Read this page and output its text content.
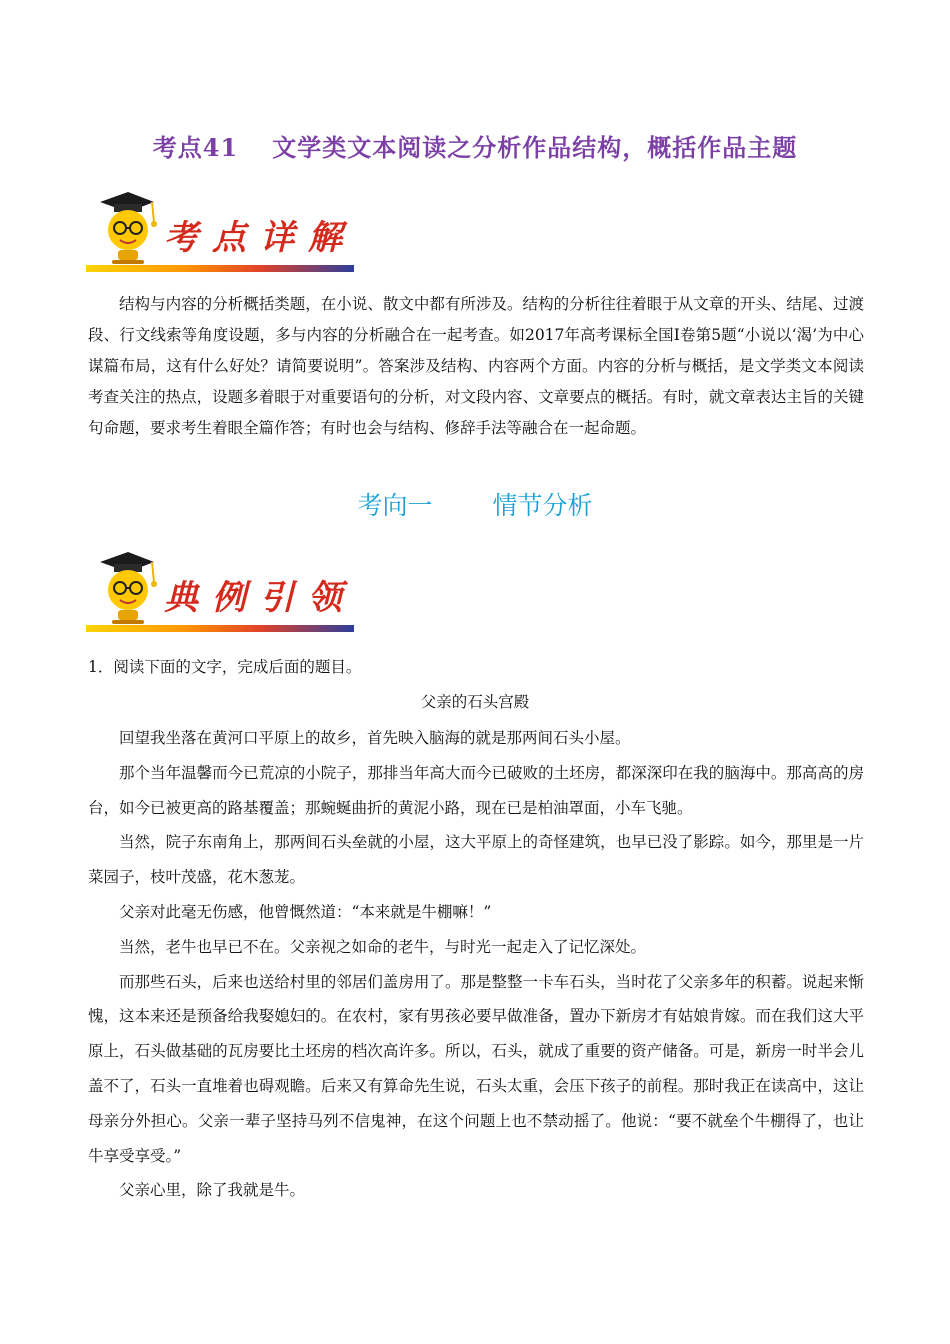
考点41 文学类文本阅读之分析作品结构，概括作品主题
考点详解
结构与内容的分析概括类题，在小说、散文中都有所涉及。结构的分析往往着眼于从文章的开头、结尾、过渡段、行文线索等角度设题，多与内容的分析融合在一起考查。如2017年高考课标全国Ⅰ卷第5题“小说以‘渴’为中心谋篇布局，这有什么好处？请简要说明”。答案涉及结构、内容两个方面。内容的分析与概括，是文学类文本阅读考查关注的热点，设题多着眼于对重要语句的分析，对文段内容、文章要点的概括。有时，就文章表达主旨的关键句命题，要求考生着眼全篇作答；有时也会与结构、修辞手法等融合在一起命题。
考向一 情节分析
典例引领
1．阅读下面的文字，完成后面的题目。
父亲的石头宫殿

回望我坐落在黄河口平原上的故乡，首先映入脑海的就是那两间石头小屋。

那个当年温馨而今已荒凉的小院子，那排当年高大而今已破败的土坯房，都深深印在我的脑海中。那高高的房台，如今已被更高的路基覆盖；那蜿蜒曲折的黄泥小路，现在已是柏油罩面，小车飞驰。

当然，院子东南角上，那两间石头垒就的小屋，这大平原上的奇怪建筑，也早已没了影踪。如今，那里是一片菜园子，枝叶茂盛，花木葱茏。

父亲对此毫无伤感，他曾慨然道：“本来就是牛棚嘛！”

当然，老牛也早已不在。父亲视之如命的老牛，与时光一起走入了记忆深处。

而那些石头，后来也送给村里的邻居们盖房用了。那是整整一卡车石头，当时花了父亲多年的积蓄。说起来惭愧，这本来还是预备给我娶媳妇的。在农村，家有男孩必要早做准备，置办下新房才有姑娘肯嫁。而在我们这大平原上，石头做基础的瓦房要比土坯房的档次高许多。所以，石头，就成了重要的资产储备。可是，新房一时半会儿盖不了，石头一直堆着也碍观瞻。后来又有算命先生说，石头太重，会压下孩子的前程。那时我正在读高中，这让母亲分外担心。父亲一辈子坚持马列不信鬼神，在这个问题上也不禁动摇了。他说：“要不就垒个牛棚得了，也让牛享受享受。”

父亲心里，除了我就是牛。
